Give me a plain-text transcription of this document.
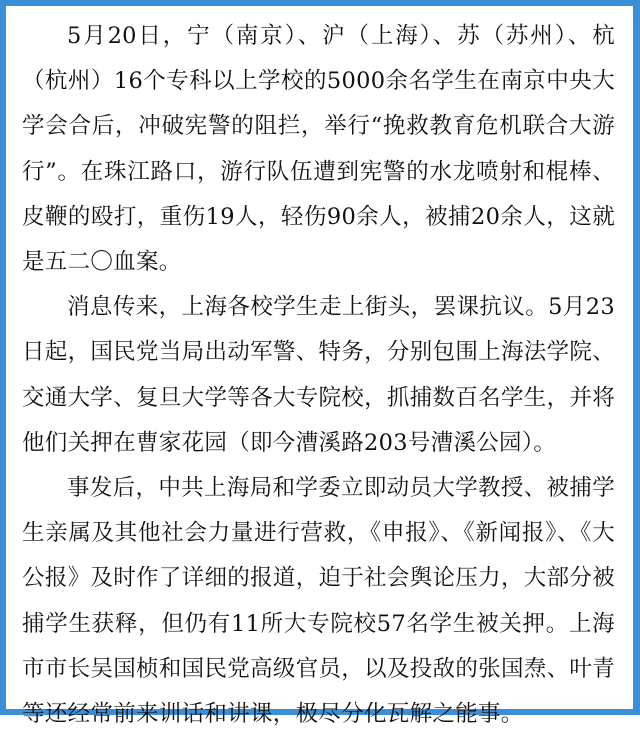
5月20日，宁（南京）、沪（上海）、苏（苏州）、杭（杭州）16个专科以上学校的5000余名学生在南京中央大学会合后，冲破宪警的阻拦，举行“挽救教育危机联合大游行”。在珠江路口，游行队伍遭到宪警的水龙喷射和棍棒、皮鞭的殴打，重伤19人，轻伤90余人，被捕20余人，这就是五二〇血案。

消息传来，上海各校学生走上街头，罢课抗议。5月23日起，国民党当局出动军警、特务，分别包围上海法学院、交通大学、复旦大学等各大专院校，抓捕数百名学生，并将他们关押在曹家花园（即今漕溪路203号漕溪公园）。

事发后，中共上海局和学委立即动员大学教授、被捕学生亲属及其他社会力量进行营救，《申报》、《新闻报》、《大公报》及时作了详细的报道，迫于社会舆论压力，大部分被捕学生获释，但仍有11所大专院校57名学生被关押。上海市市长吴国桢和国民党高级官员，以及投敌的张国焘、叶青等还经常前来训话和讲课，极尽分化瓦解之能事。
